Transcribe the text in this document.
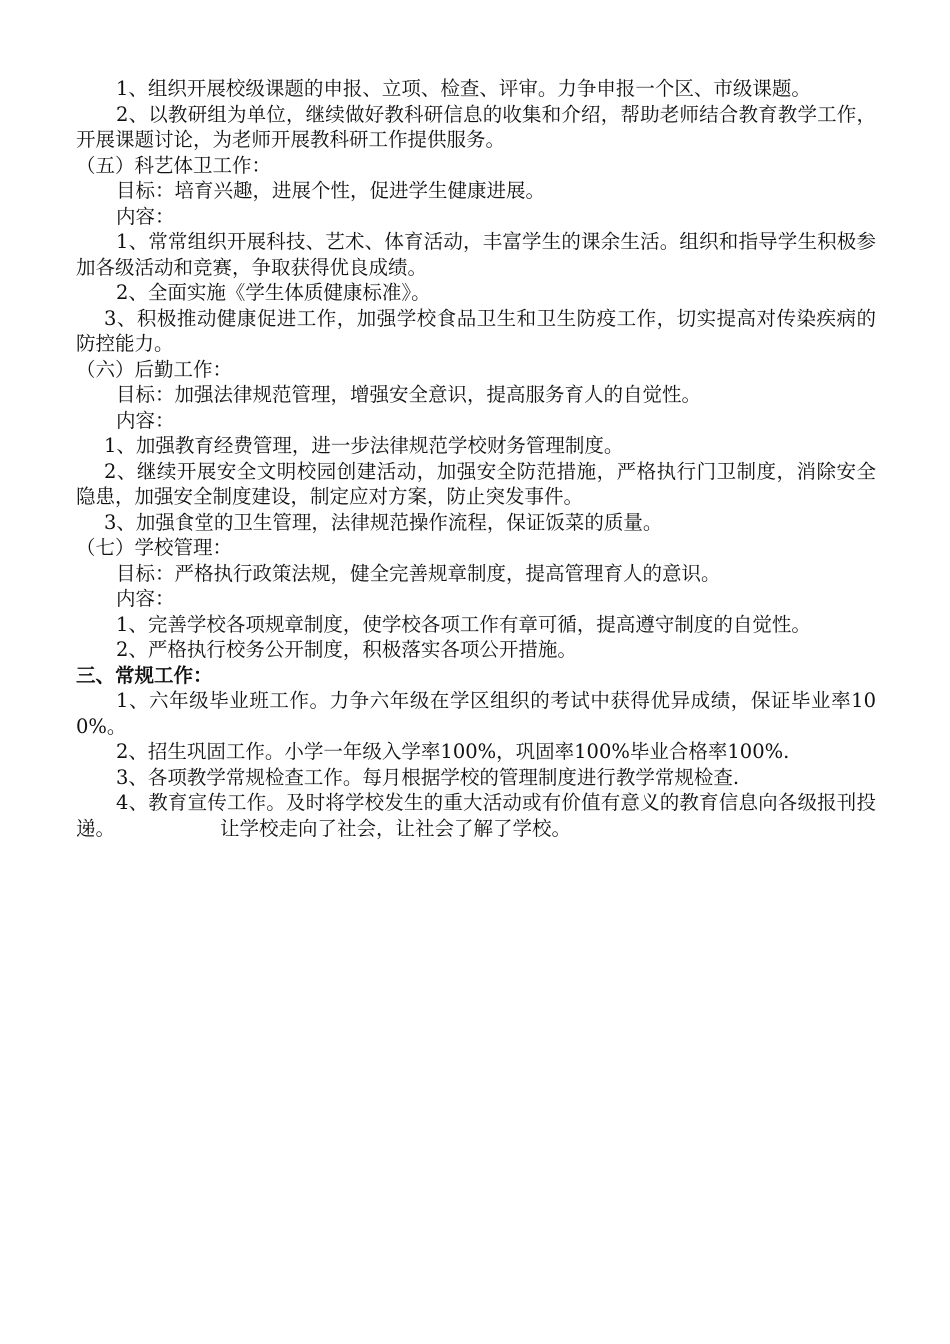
1、组织开展校级课题的申报、立项、检查、评审。力争申报一个区、市级课题。

2、以教研组为单位，继续做好教科研信息的收集和介绍，帮助老师结合教育教学工作，开展课题讨论，为老师开展教科研工作提供服务。

（五）科艺体卫工作：

目标：培育兴趣，进展个性，促进学生健康进展。

内容：

1、常常组织开展科技、艺术、体育活动，丰富学生的课余生活。组织和指导学生积极参加各级活动和竞赛，争取获得优良成绩。

2、全面实施《学生体质健康标准》。

3、积极推动健康促进工作，加强学校食品卫生和卫生防疫工作，切实提高对传染疾病的防控能力。

（六）后勤工作：

目标：加强法律规范管理，增强安全意识，提高服务育人的自觉性。

内容：

1、加强教育经费管理，进一步法律规范学校财务管理制度。

2、继续开展安全文明校园创建活动，加强安全防范措施，严格执行门卫制度，消除安全隐患，加强安全制度建设，制定应对方案，防止突发事件。

3、加强食堂的卫生管理，法律规范操作流程，保证饭菜的质量。

（七）学校管理：

目标：严格执行政策法规，健全完善规章制度，提高管理育人的意识。

内容：

1、完善学校各项规章制度，使学校各项工作有章可循，提高遵守制度的自觉性。

2、严格执行校务公开制度，积极落实各项公开措施。

三、常规工作：

1、六年级毕业班工作。力争六年级在学区组织的考试中获得优异成绩，保证毕业率100%。

2、招生巩固工作。小学一年级入学率100%，巩固率100%毕业合格率100%.

3、各项教学常规检查工作。每月根据学校的管理制度进行教学常规检查.

4、教育宣传工作。及时将学校发生的重大活动或有价值有意义的教育信息向各级报刊投递。	让学校走向了社会，让社会了解了学校。
